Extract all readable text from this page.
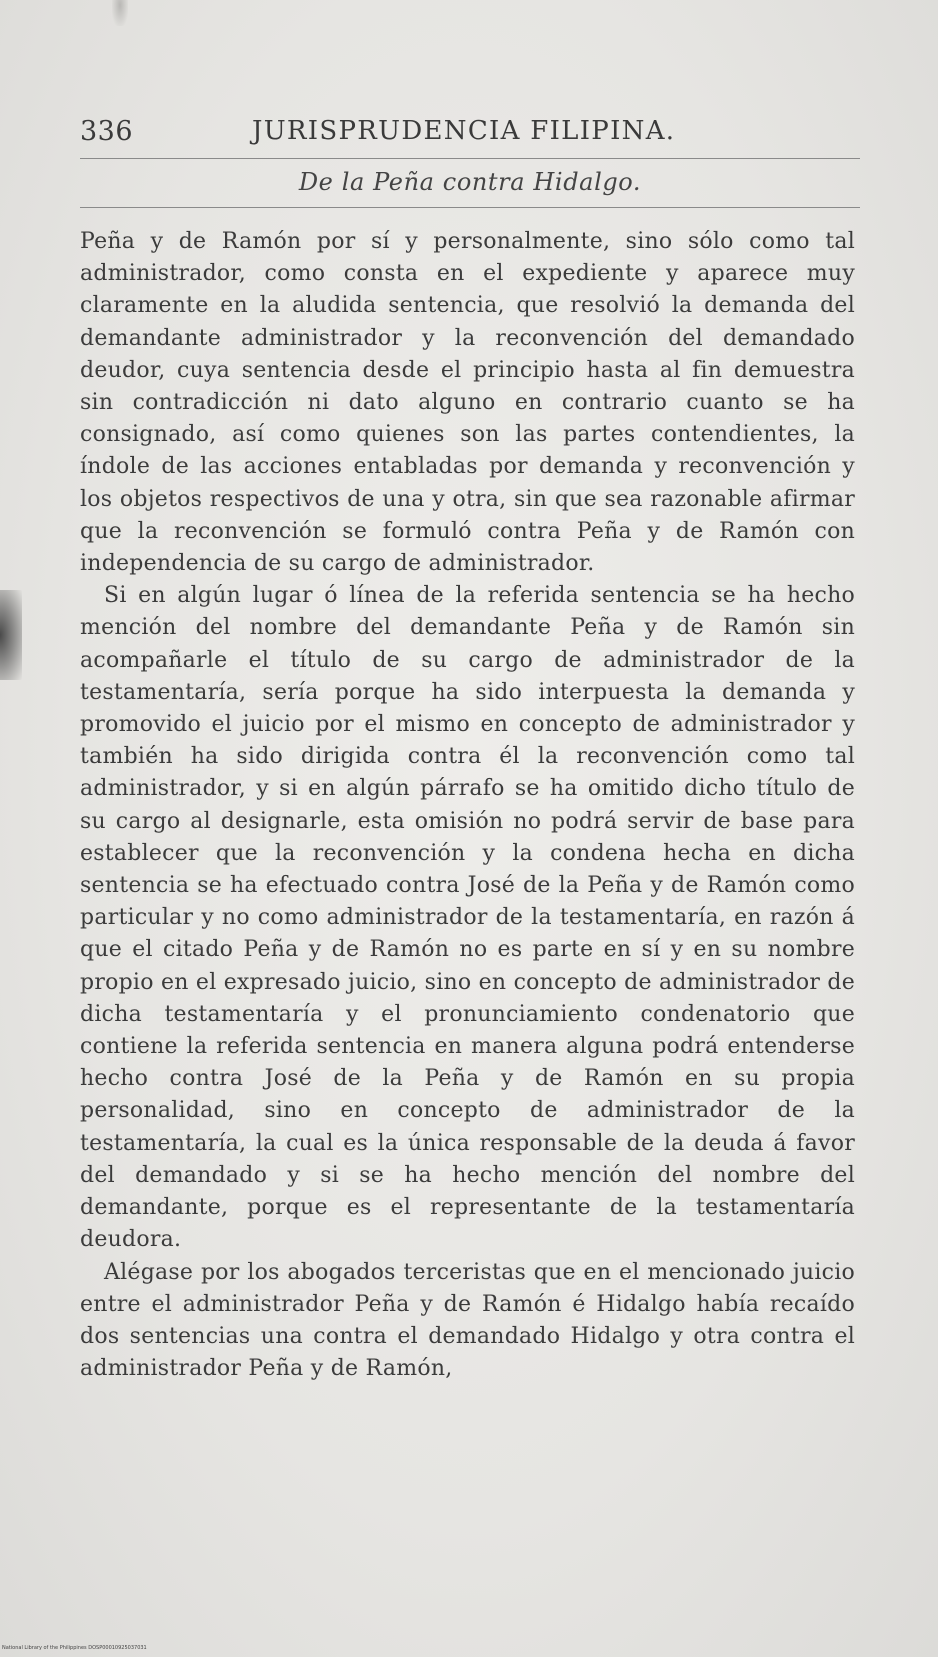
336	JURISPRUDENCIA FILIPINA.
De la Peña contra Hidalgo.

Peña y de Ramón por sí y personalmente, sino sólo como tal administrador, como consta en el expediente y aparece muy claramente en la aludida sentencia, que resolvió la demanda del demandante administrador y la reconvención del demandado deudor, cuya sentencia desde el principio hasta al fin demuestra sin contradicción ni dato alguno en contrario cuanto se ha consignado, así como quienes son las partes contendientes, la índole de las acciones entabladas por demanda y reconvención y los objetos respectivos de una y otra, sin que sea razonable afirmar que la reconvención se formuló contra Peña y de Ramón con independencia de su cargo de administrador.

Si en algún lugar ó línea de la referida sentencia se ha hecho mención del nombre del demandante Peña y de Ramón sin acompañarle el título de su cargo de administrador de la testamentaría, sería porque ha sido interpuesta la demanda y promovido el juicio por el mismo en concepto de administrador y también ha sido dirigida contra él la reconvención como tal administrador, y si en algún párrafo se ha omitido dicho título de su cargo al designarle, esta omisión no podrá servir de base para establecer que la reconvención y la condena hecha en dicha sentencia se ha efectuado contra José de la Peña y de Ramón como particular y no como administrador de la testamentaría, en razón á que el citado Peña y de Ramón no es parte en sí y en su nombre propio en el expresado juicio, sino en concepto de administrador de dicha testamentaría y el pronunciamiento condenatorio que contiene la referida sentencia en manera alguna podrá entenderse hecho contra José de la Peña y de Ramón en su propia personalidad, sino en concepto de administrador de la testamentaría, la cual es la única responsable de la deuda á favor del demandado y si se ha hecho mención del nombre del demandante, porque es el representante de la testamentaría deudora.

Alégase por los abogados terceristas que en el mencionado juicio entre el administrador Peña y de Ramón é Hidalgo había recaído dos sentencias una contra el demandado Hidalgo y otra contra el administrador Peña y de Ramón,

National Library of the Philippines DOSP00010925037031
